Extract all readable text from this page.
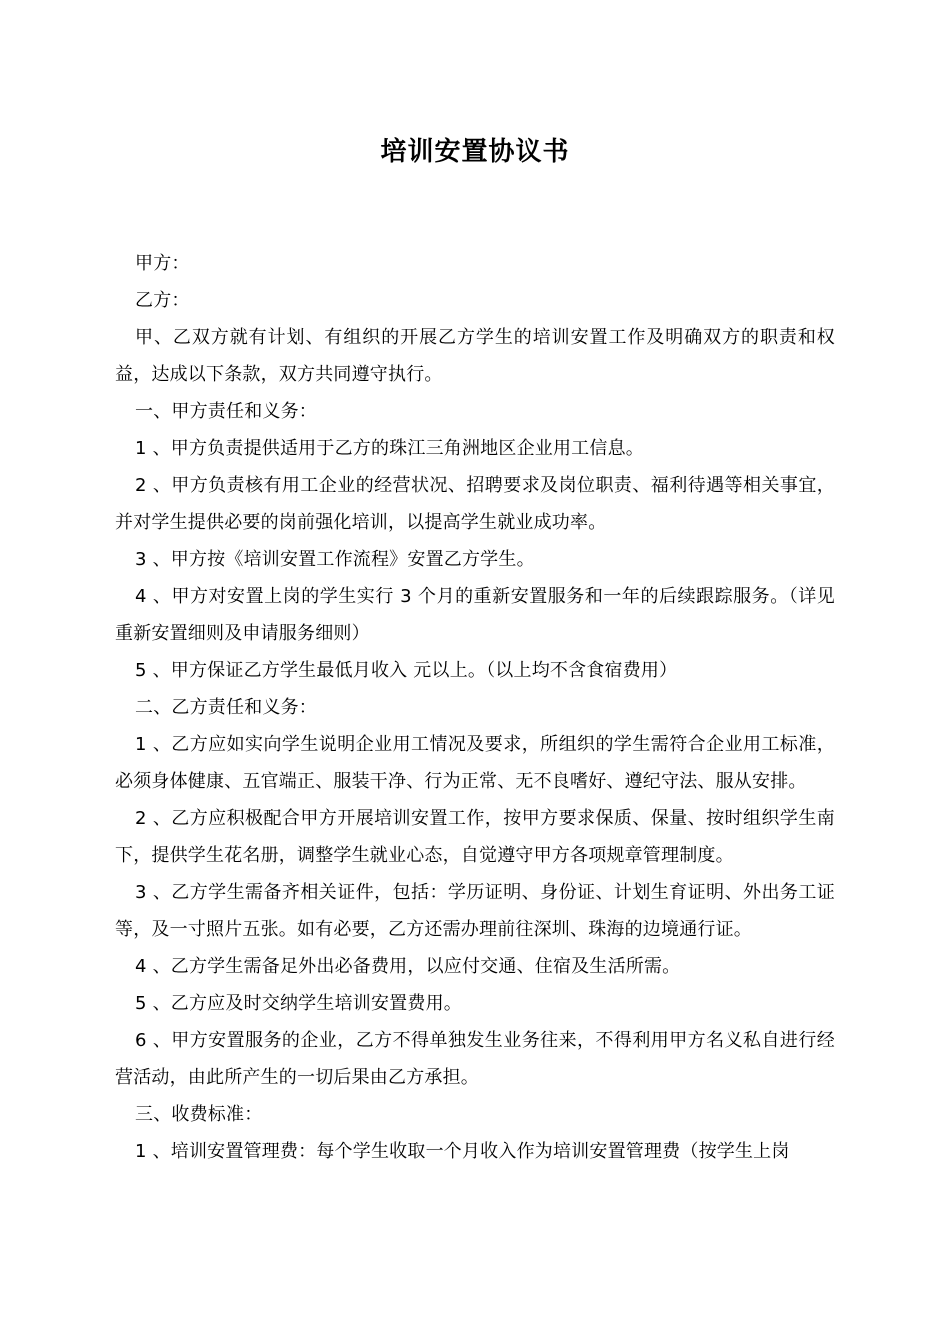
培训安置协议书

甲方：

乙方：

甲、乙双方就有计划、有组织的开展乙方学生的培训安置工作及明确双方的职责和权益，达成以下条款，双方共同遵守执行。

一、甲方责任和义务：

1 、甲方负责提供适用于乙方的珠江三角洲地区企业用工信息。

2 、甲方负责核有用工企业的经营状况、招聘要求及岗位职责、福利待遇等相关事宜，并对学生提供必要的岗前强化培训，以提高学生就业成功率。

3 、甲方按《培训安置工作流程》安置乙方学生。

4 、甲方对安置上岗的学生实行 3 个月的重新安置服务和一年的后续跟踪服务。（详见重新安置细则及申请服务细则）

5 、甲方保证乙方学生最低月收入 元以上。（以上均不含食宿费用）

二、乙方责任和义务：

1 、乙方应如实向学生说明企业用工情况及要求，所组织的学生需符合企业用工标准，必须身体健康、五官端正、服装干净、行为正常、无不良嗜好、遵纪守法、服从安排。

2 、乙方应积极配合甲方开展培训安置工作，按甲方要求保质、保量、按时组织学生南下，提供学生花名册，调整学生就业心态，自觉遵守甲方各项规章管理制度。

3 、乙方学生需备齐相关证件，包括：学历证明、身份证、计划生育证明、外出务工证等，及一寸照片五张。如有必要，乙方还需办理前往深圳、珠海的边境通行证。

4 、乙方学生需备足外出必备费用，以应付交通、住宿及生活所需。

5 、乙方应及时交纳学生培训安置费用。

6 、甲方安置服务的企业，乙方不得单独发生业务往来，不得利用甲方名义私自进行经营活动，由此所产生的一切后果由乙方承担。

三、收费标准：

1 、培训安置管理费：每个学生收取一个月收入作为培训安置管理费（按学生上岗
